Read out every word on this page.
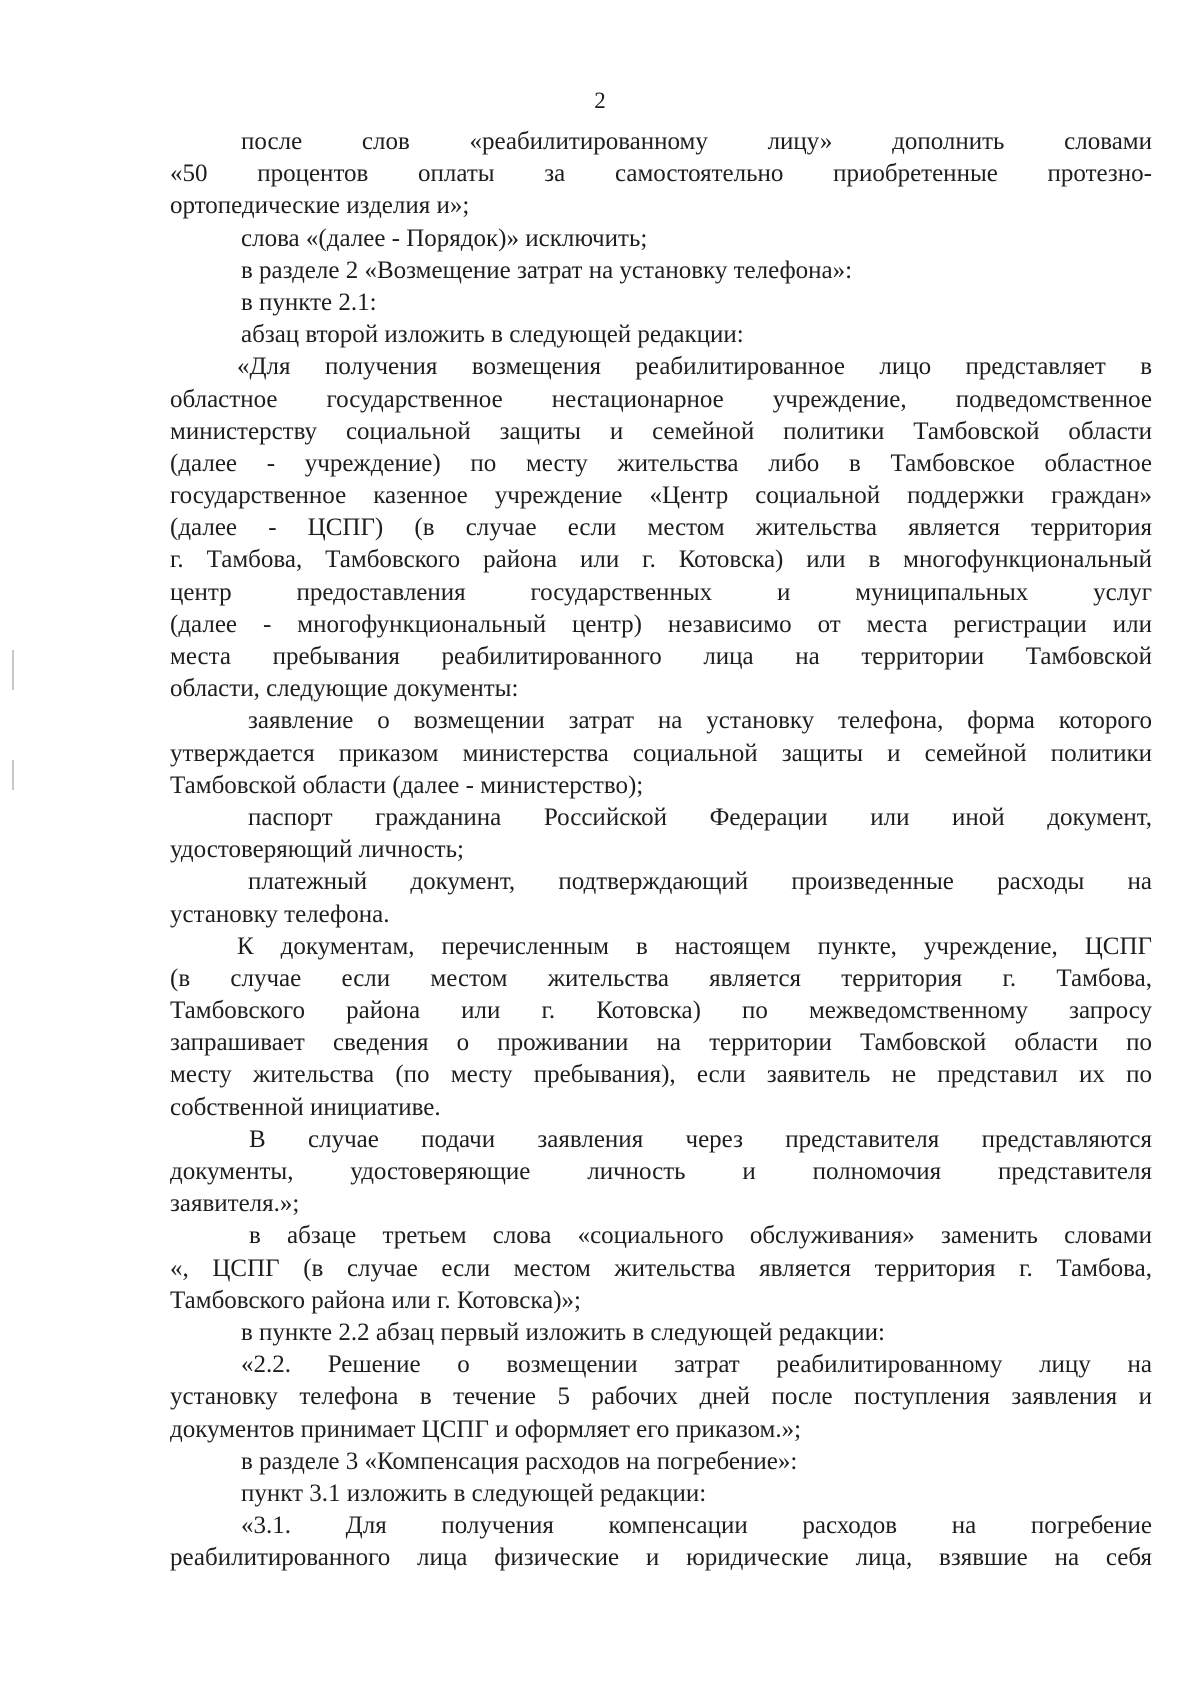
2
после слов «реабилитированному лицу» дополнить словами
«50 процентов оплаты за самостоятельно приобретенные протезно-
ортопедические изделия и»;
слова «(далее - Порядок)» исключить;
в разделе 2 «Возмещение затрат на установку телефона»:
в пункте 2.1:
абзац второй изложить в следующей редакции:
«Для получения возмещения реабилитированное лицо представляет в
областное государственное нестационарное учреждение, подведомственное
министерству социальной защиты и семейной политики Тамбовской области
(далее - учреждение) по месту жительства либо в Тамбовское областное
государственное казенное учреждение «Центр социальной поддержки граждан»
(далее - ЦСПГ) (в случае если местом жительства является территория
г. Тамбова, Тамбовского района или г. Котовска) или в многофункциональный
центр предоставления государственных и муниципальных услуг
(далее - многофункциональный центр) независимо от места регистрации или
места пребывания реабилитированного лица на территории Тамбовской
области, следующие документы:
заявление о возмещении затрат на установку телефона, форма которого
утверждается приказом министерства социальной защиты и семейной политики
Тамбовской области (далее - министерство);
паспорт гражданина Российской Федерации или иной документ,
удостоверяющий личность;
платежный документ, подтверждающий произведенные расходы на
установку телефона.
К документам, перечисленным в настоящем пункте, учреждение, ЦСПГ
(в случае если местом жительства является территория г. Тамбова,
Тамбовского района или г. Котовска) по межведомственному запросу
запрашивает сведения о проживании на территории Тамбовской области по
месту жительства (по месту пребывания), если заявитель не представил их по
собственной инициативе.
В случае подачи заявления через представителя представляются
документы, удостоверяющие личность и полномочия представителя
заявителя.»;
в абзаце третьем слова «социального обслуживания» заменить словами
«, ЦСПГ (в случае если местом жительства является территория г. Тамбова,
Тамбовского района или г. Котовска)»;
в пункте 2.2 абзац первый изложить в следующей редакции:
«2.2. Решение о возмещении затрат реабилитированному лицу на
установку телефона в течение 5 рабочих дней после поступления заявления и
документов принимает ЦСПГ и оформляет его приказом.»;
в разделе 3 «Компенсация расходов на погребение»:
пункт 3.1 изложить в следующей редакции:
«3.1. Для получения компенсации расходов на погребение
реабилитированного лица физические и юридические лица, взявшие на себя
